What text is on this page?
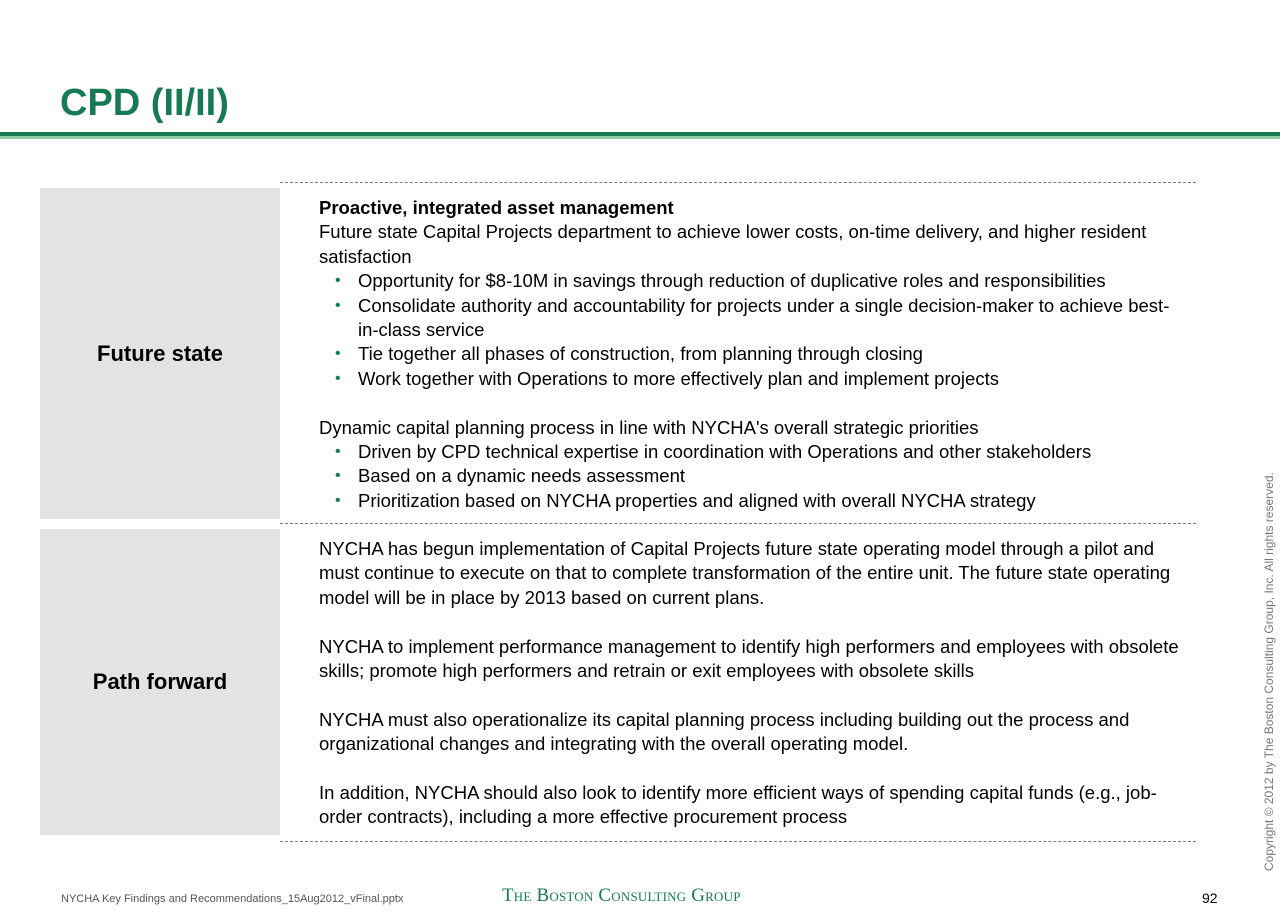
CPD (II/II)
Future state

Proactive, integrated asset management

Future state Capital Projects department to achieve lower costs, on-time delivery, and higher resident satisfaction

• Opportunity for $8-10M in savings through reduction of duplicative roles and responsibilities
• Consolidate authority and accountability for projects under a single decision-maker to achieve best-in-class service
• Tie together all phases of construction, from planning through closing
• Work together with Operations to more effectively plan and implement projects

Dynamic capital planning process in line with NYCHA's overall strategic priorities

• Driven by CPD technical expertise in coordination with Operations and other stakeholders
• Based on a dynamic needs assessment
• Prioritization based on NYCHA properties and aligned with overall NYCHA strategy
Path forward

NYCHA has begun implementation of Capital Projects future state operating model through a pilot and must continue to execute on that to complete transformation of the entire unit. The future state operating model will be in place by 2013 based on current plans.

NYCHA to implement performance management to identify high performers and employees with obsolete skills; promote high performers and retrain or exit employees with obsolete skills

NYCHA must also operationalize its capital planning process including building out the process and organizational changes and integrating with the overall operating model.

In addition, NYCHA should also look to identify more efficient ways of spending capital funds (e.g., job-order contracts), including a more effective procurement process	Copyright © 2012 by The Boston Consulting Group, Inc. All rights reserved.
NYCHA Key Findings and Recommendations_15Aug2012_vFinal.pptx	The Boston Consulting Group	92
